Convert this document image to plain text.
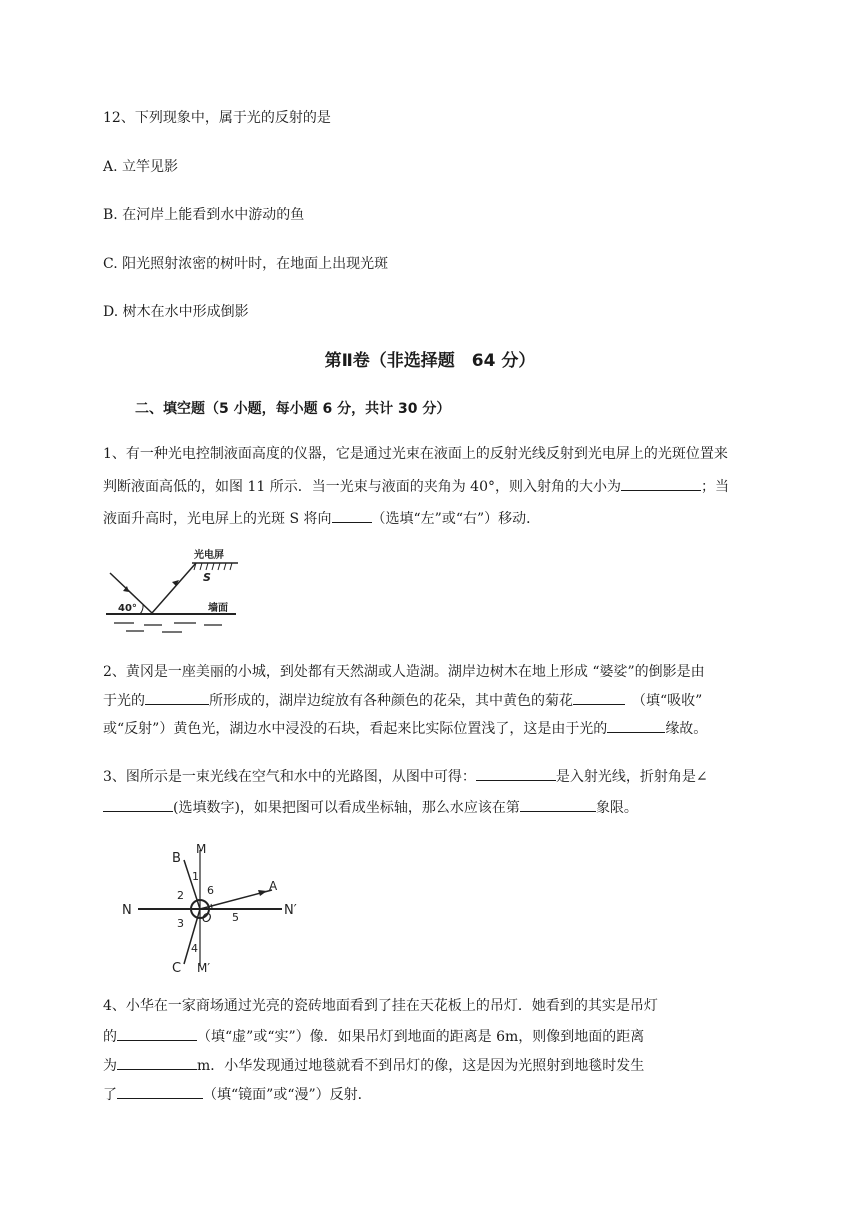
12、下列现象中，属于光的反射的是
A. 立竿见影
B. 在河岸上能看到水中游动的鱼
C. 阳光照射浓密的树叶时，在地面上出现光斑
D. 树木在水中形成倒影
第Ⅱ卷（非选择题　64 分）
二、填空题（5 小题，每小题 6 分，共计 30 分）
1、有一种光电控制液面高度的仪器，它是通过光束在液面上的反射光线反射到光电屏上的光斑位置来
判断液面高低的，如图 11 所示．当一光束与液面的夹角为 40°，则入射角的大小为	；当
液面升高时，光电屏上的光斑 S 将向	（选填“左”或“右”）移动．
光电屏
S
40°	墙面
2、黄冈是一座美丽的小城，到处都有天然湖或人造湖。湖岸边树木在地上形成 “婆娑”的倒影是由
于光的	所形成的，湖岸边绽放有各种颜色的花朵，其中黄色的菊花	　（填“吸收”
或“反射”）黄色光，湖边水中浸没的石块，看起来比实际位置浅了，这是由于光的	缘故。
3、图所示是一束光线在空气和水中的光路图，从图中可得：	是入射光线，折射角是∠
(选填数字)，如果把图可以看成坐标轴，那么水应该在第	象限。
B
M
A
N	N′
O
C M′
1
2
3
4
5
6
4、小华在一家商场通过光亮的瓷砖地面看到了挂在天花板上的吊灯．她看到的其实是吊灯
的	（填“虚”或“实”）像．如果吊灯到地面的距离是 6m，则像到地面的距离
为	m．小华发现通过地毯就看不到吊灯的像，这是因为光照射到地毯时发生
了	（填“镜面”或“漫”）反射．
